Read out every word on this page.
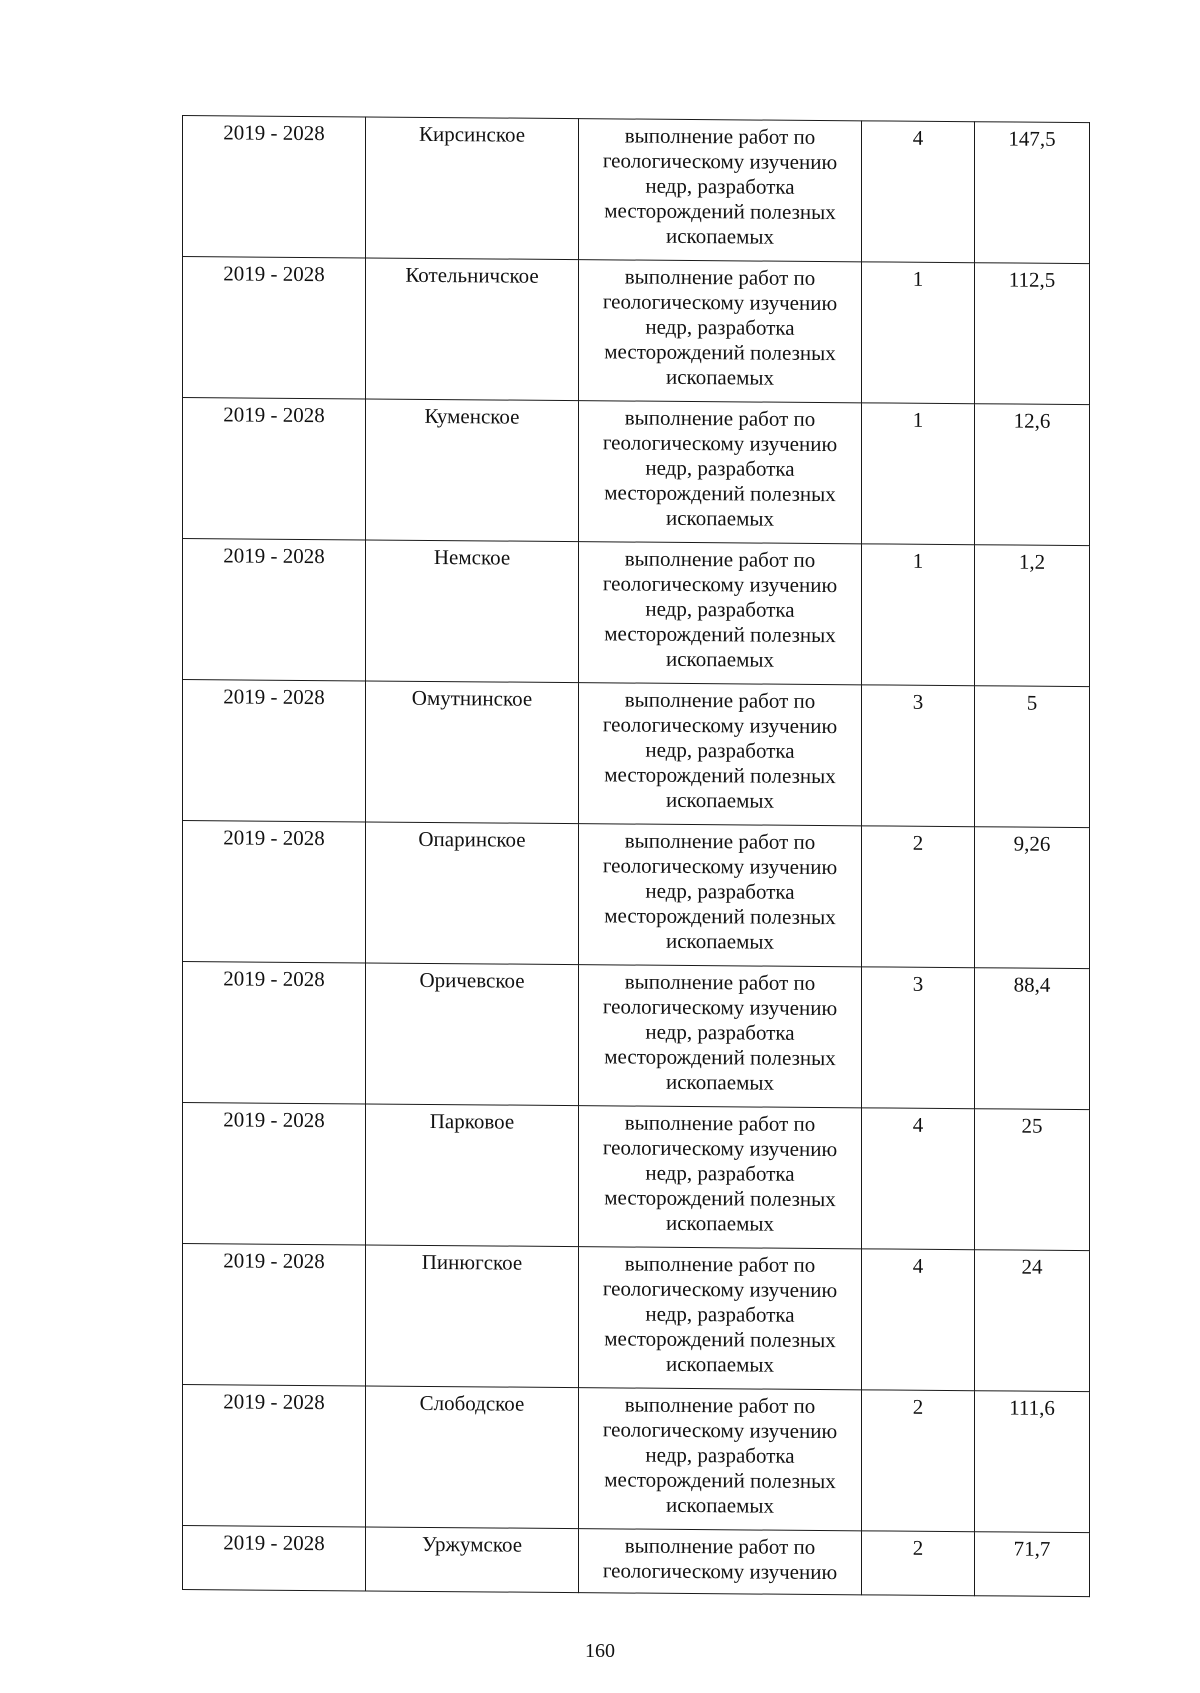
2019 - 2028	Кирсинское	выполнение работ по геологическому изучению недр, разработка месторождений полезных ископаемых	4	147,5

2019 - 2028	Котельничское	выполнение работ по геологическому изучению недр, разработка месторождений полезных ископаемых	1	112,5

2019 - 2028	Куменское	выполнение работ по геологическому изучению недр, разработка месторождений полезных ископаемых	1	12,6

2019 - 2028	Немское	выполнение работ по геологическому изучению недр, разработка месторождений полезных ископаемых	1	1,2

2019 - 2028	Омутнинское	выполнение работ по геологическому изучению недр, разработка месторождений полезных ископаемых	3	5

2019 - 2028	Опаринское	выполнение работ по геологическому изучению недр, разработка месторождений полезных ископаемых	2	9,26

2019 - 2028	Оричевское	выполнение работ по геологическому изучению недр, разработка месторождений полезных ископаемых	3	88,4

2019 - 2028	Парковое	выполнение работ по геологическому изучению недр, разработка месторождений полезных ископаемых	4	25

2019 - 2028	Пинюгское	выполнение работ по геологическому изучению недр, разработка месторождений полезных ископаемых	4	24

2019 - 2028	Слободское	выполнение работ по геологическому изучению недр, разработка месторождений полезных ископаемых	2	111,6

2019 - 2028	Уржумское	выполнение работ по геологическому изучению	2	71,7
160
